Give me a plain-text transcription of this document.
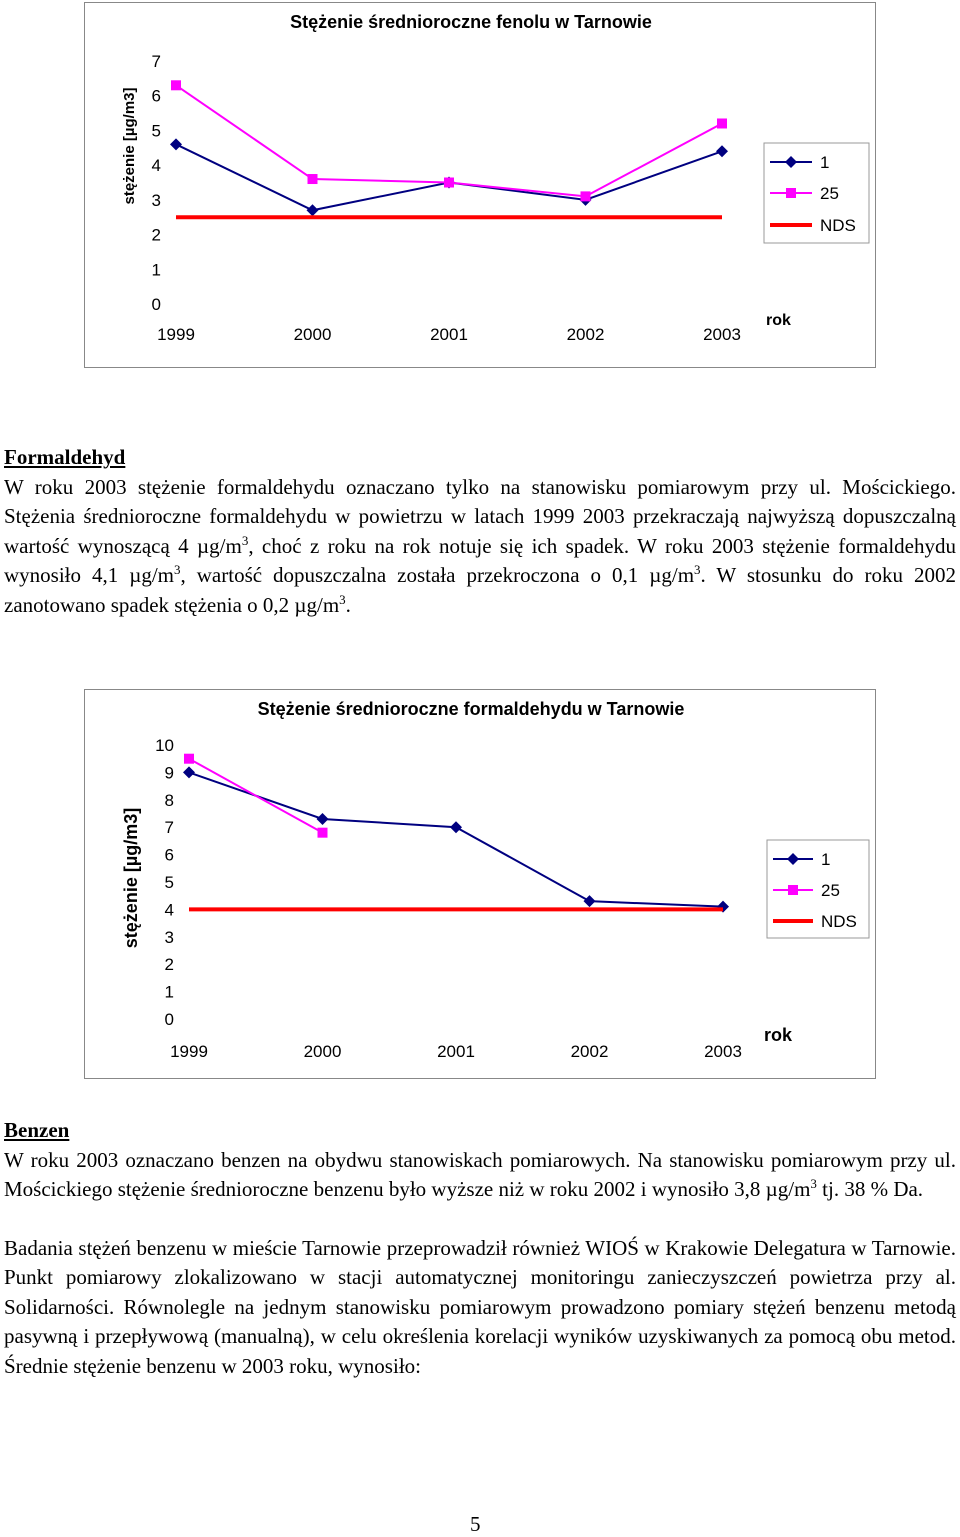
Stężenie średnioroczne fenolu w Tarnowie
stężenie [µg/m3]
rok
0
1
2
3
4
5
6
7
1999	2000	2001	2002	2003
1
25
NDS
Formaldehyd

W roku 2003 stężenie formaldehydu oznaczano tylko na stanowisku pomiarowym przy ul. Mościckiego. Stężenia średnioroczne formaldehydu w powietrzu w latach 1999 2003 przekraczają najwyższą dopuszczalną wartość wynoszącą 4 $\mu g/m^3$, choć z roku na rok notuje się ich spadek. W roku 2003 stężenie formaldehydu wynosiło 4,1 $\mu g/m^3$, wartość dopuszczalna została przekroczona o 0,1 $\mu g/m^3$. W stosunku do roku 2002 zanotowano spadek stężenia o 0,2 $\mu g/m^3$.

Stężenie średnioroczne formaldehydu w Tarnowie
stężenie [µg/m3]
rok
0
1
2
3
4
5
6
7
8
9
10
1999	2000	2001	2002	2003
1
25
NDS
Benzen

W roku 2003 oznaczano benzen na obydwu stanowiskach pomiarowych. Na stanowisku pomiarowym przy ul. Mościckiego stężenie średnioroczne benzenu było wyższe niż w roku 2002 i wynosiło 3,8 $\mu g/m^3$ tj. 38 % Da.

Badania stężeń benzenu w mieście Tarnowie przeprowadził również WIOŚ w Krakowie Delegatura w Tarnowie. Punkt pomiarowy zlokalizowano w stacji automatycznej monitoringu zanieczyszczeń powietrza przy al. Solidarności. Równolegle na jednym stanowisku pomiarowym prowadzono pomiary stężeń benzenu metodą pasywną i przepływową (manualną), w celu określenia korelacji wyników uzyskiwanych za pomocą obu metod. Średnie stężenie benzenu w 2003 roku, wynosiło:

5
